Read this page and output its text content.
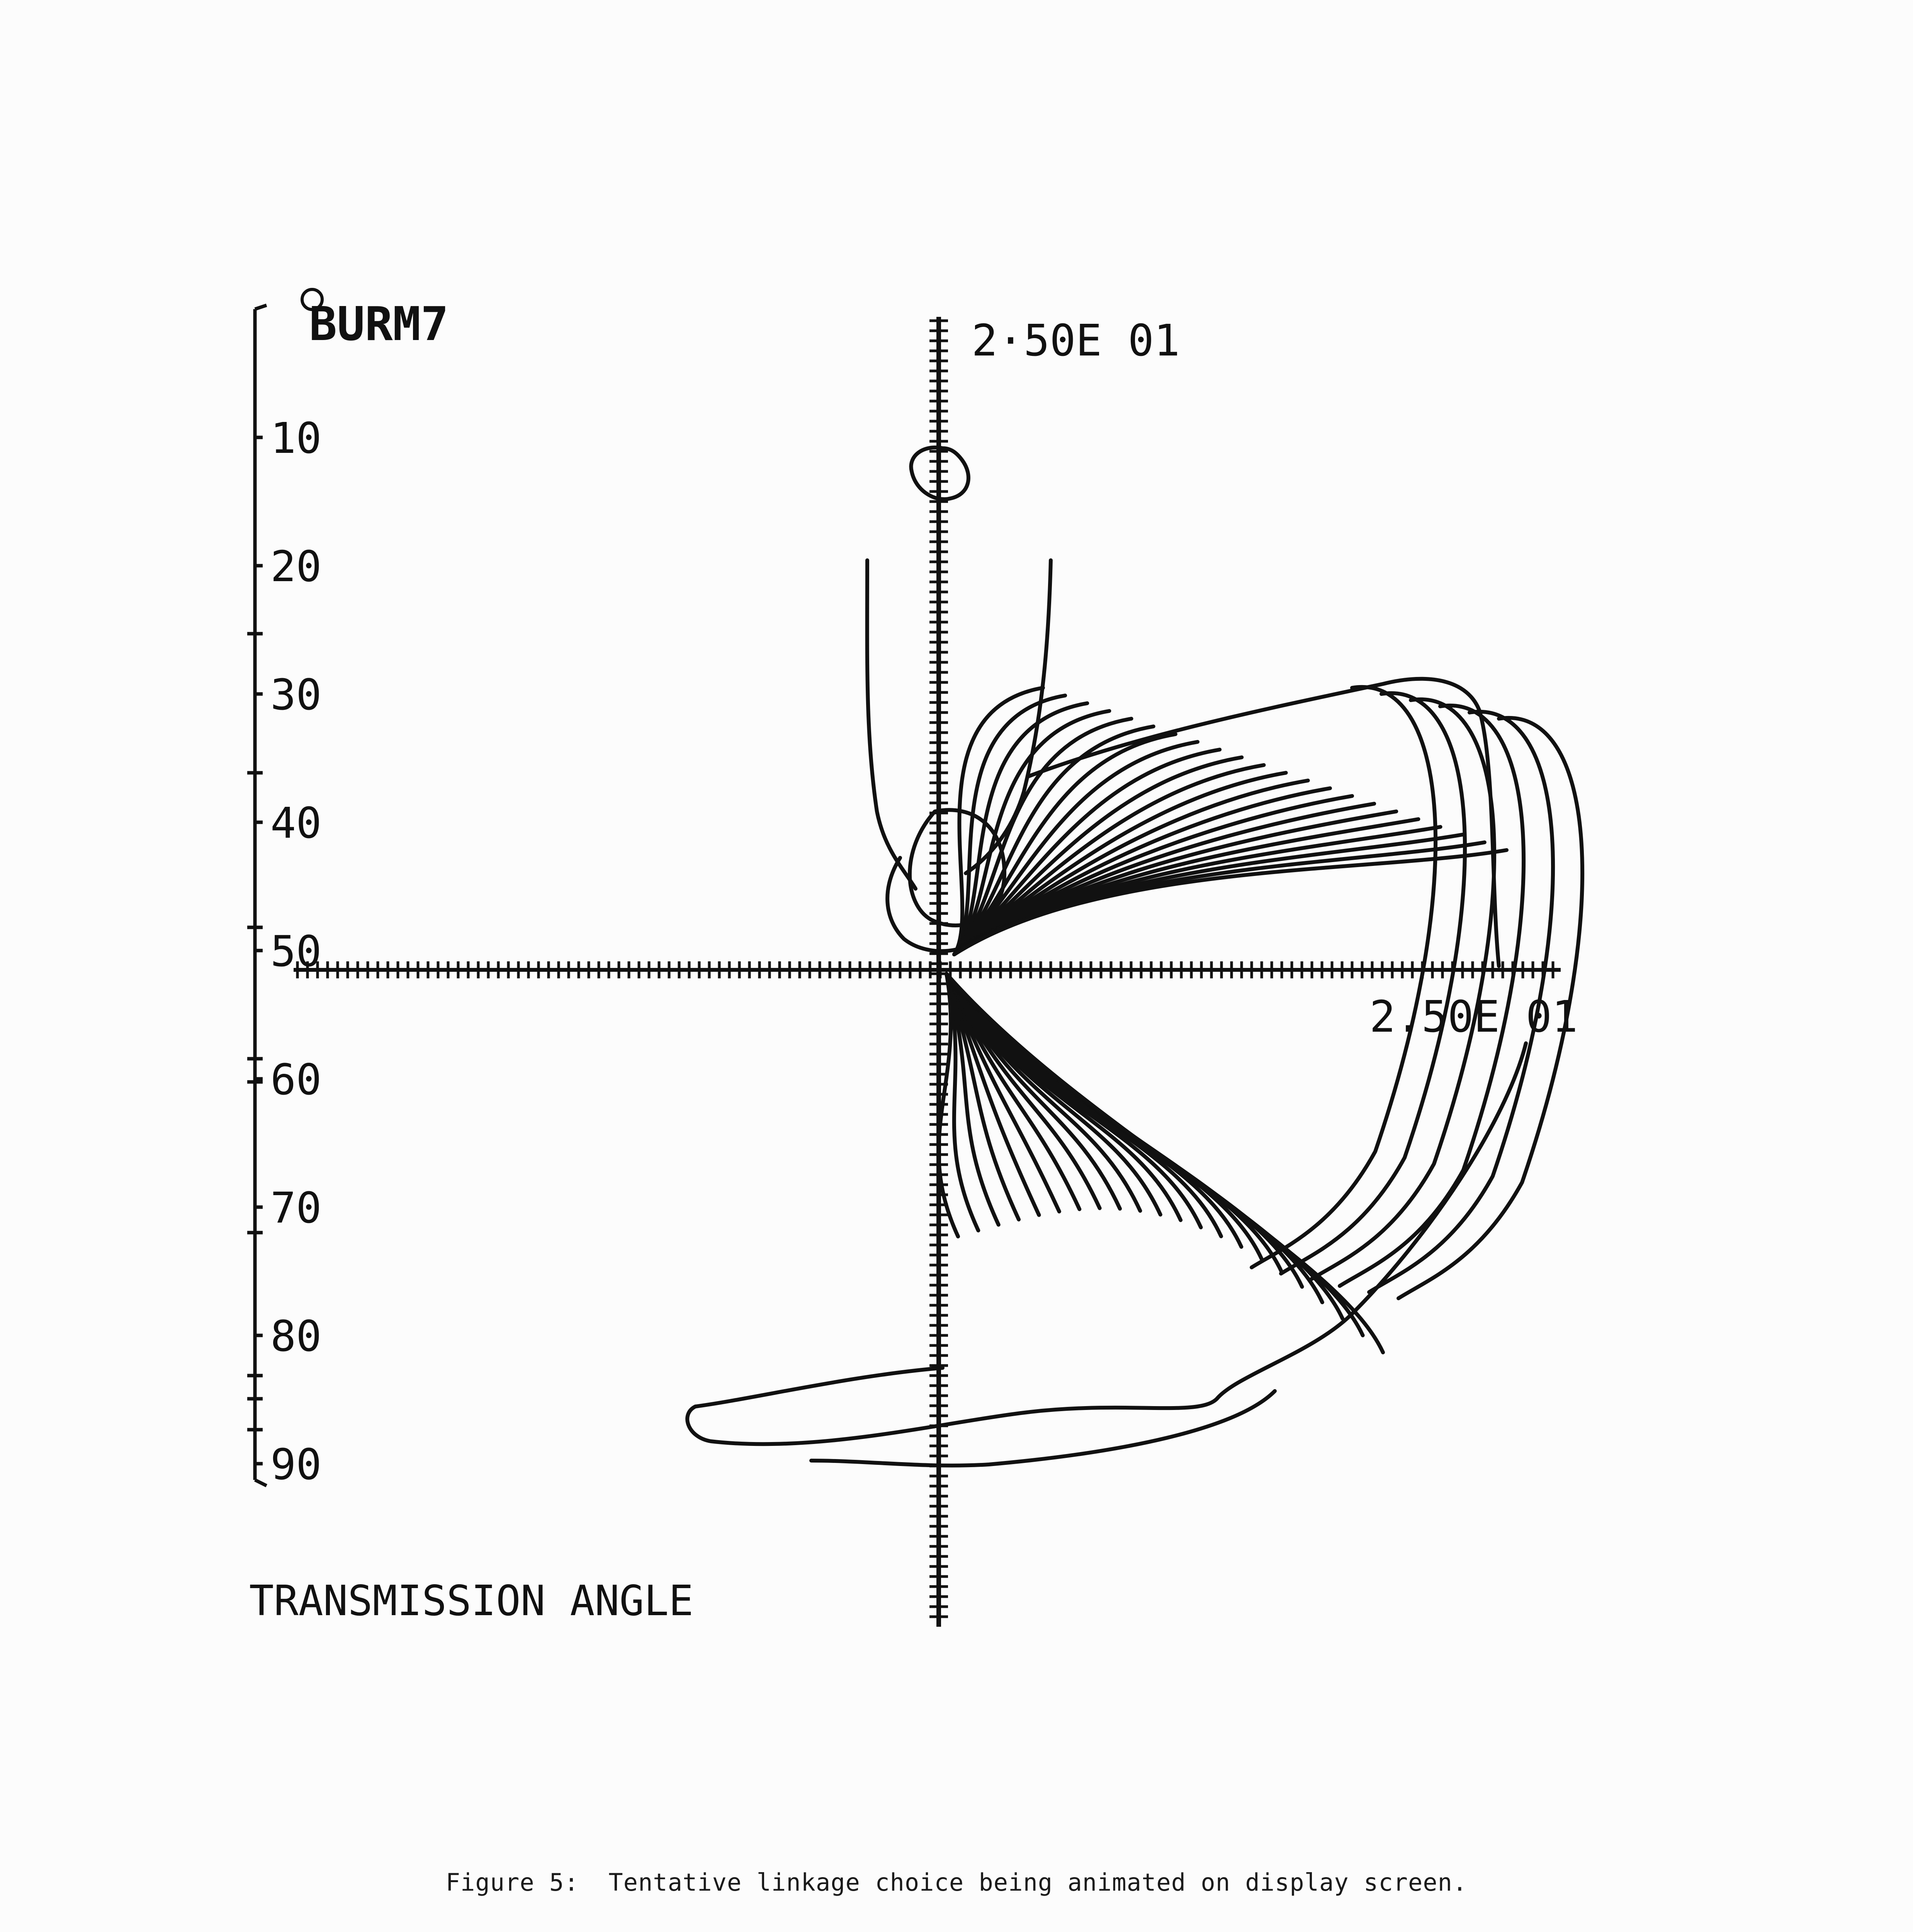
10
20
30
40
50
60
70
80
90
BURM7	2·50E 01
2.50E 01
TRANSMISSION ANGLE
Figure 5:  Tentative linkage choice being animated on display screen.
